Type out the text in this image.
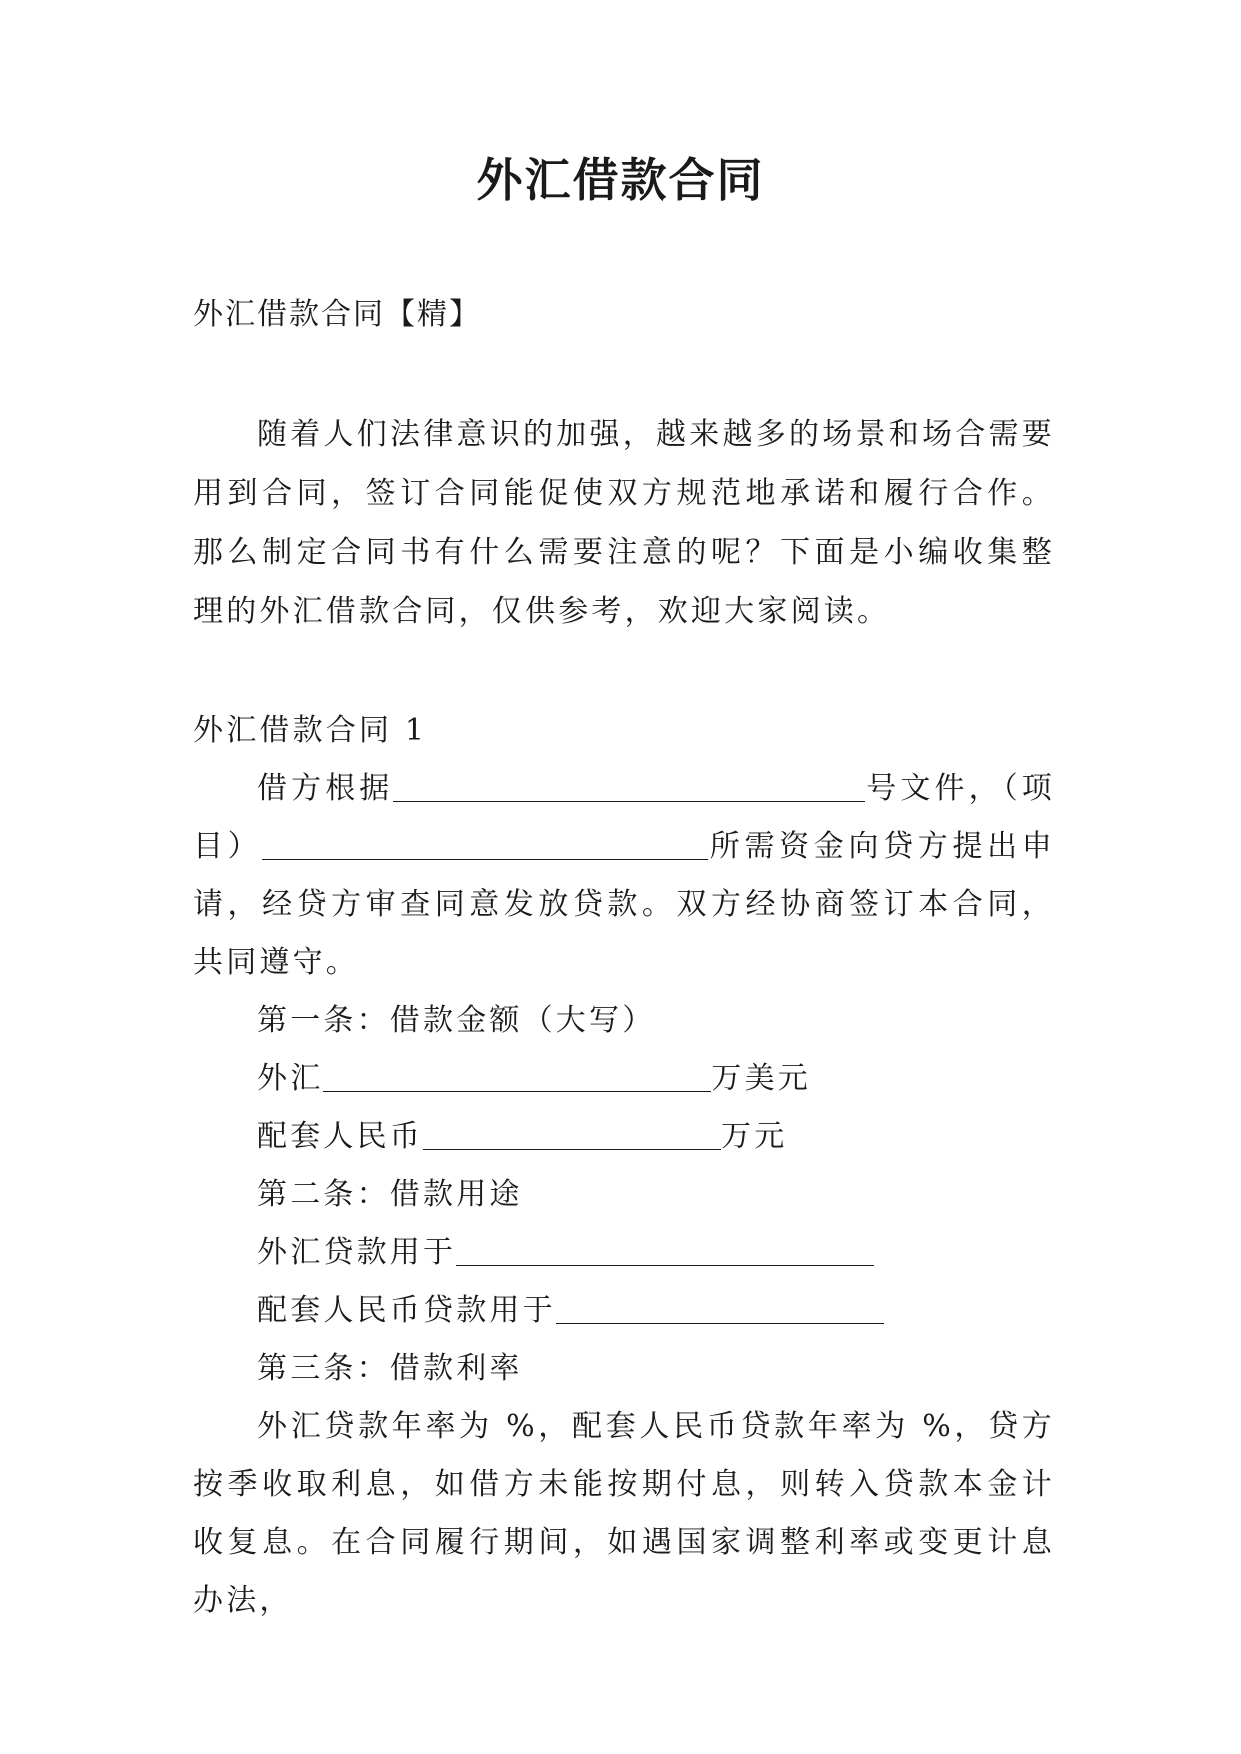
外汇借款合同
外汇借款合同【精】

随着人们法律意识的加强，越来越多的场景和场合需要用到合同，签订合同能促使双方规范地承诺和履行合作。那么制定合同书有什么需要注意的呢？下面是小编收集整理的外汇借款合同，仅供参考，欢迎大家阅读。

外汇借款合同 1

借方根据	号文件，（项目）	所需资金向贷方提出申请，经贷方审查同意发放贷款。双方经协商签订本合同，共同遵守。

第一条：借款金额（大写）

外汇	万美元

配套人民币	万元

第二条：借款用途

外汇贷款用于

配套人民币贷款用于

第三条：借款利率

外汇贷款年率为 %，配套人民币贷款年率为 %，贷方按季收取利息，如借方未能按期付息，则转入贷款本金计收复息。在合同履行期间，如遇国家调整利率或变更计息办法，
